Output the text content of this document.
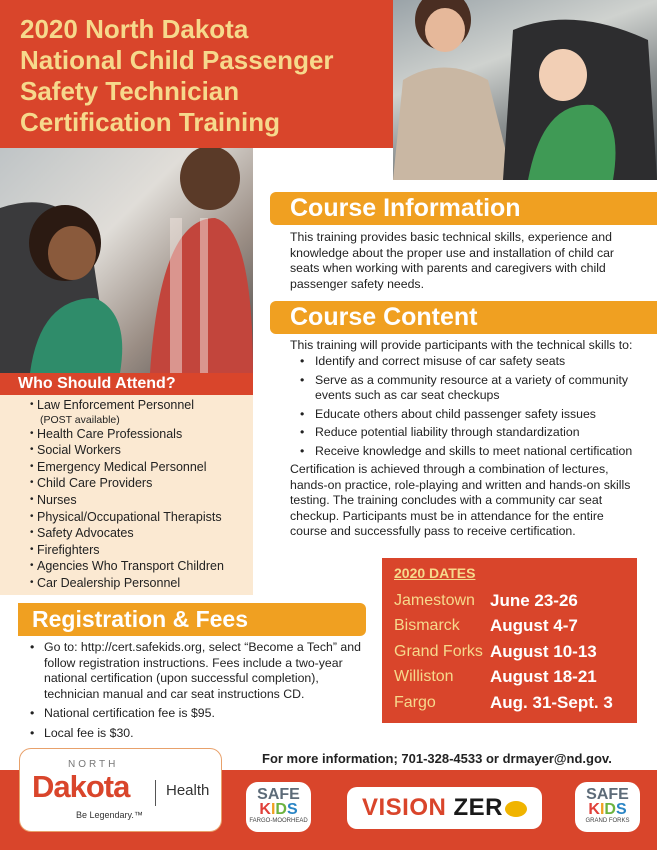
2020 North Dakota
National Child Passenger
Safety Technician
Certification Training
Course Information
This training provides basic technical skills, experience and knowledge about the proper use and installation of child car seats when working with parents and caregivers with child passenger safety needs.
Course Content
This training will provide participants with the technical skills to:
• Identify and correct misuse of car safety seats
• Serve as a community resource at a variety of community events such as car seat checkups
• Educate others about child passenger safety issues
• Reduce potential liability through standardization
• Receive knowledge and skills to meet national certification
Certification is achieved through a combination of lectures, hands-on practice, role-playing and written and hands-on skills testing. The training concludes with a community car seat checkup. Participants must be in attendance for the entire course and successfully pass to receive certification.
Who Should Attend?
• Law Enforcement Personnel
(POST available)
• Health Care Professionals
• Social Workers
• Emergency Medical Personnel
• Child Care Providers
• Nurses
• Physical/Occupational Therapists
• Safety Advocates
• Firefighters
• Agencies Who Transport Children
• Car Dealership Personnel
Registration & Fees
• Go to: http://cert.safekids.org, select “Become a Tech” and follow registration instructions. Fees include a two-year national certification (upon successful completion), technician manual and car seat instructions CD.
• National certification fee is $95.
• Local fee is $30.
2020 DATES
Jamestown June 23-26
Bismarck	August 4-7
Grand Forks August 10-13
Williston	August 18-21
Fargo	Aug. 31-Sept. 3
For more information; 701-328-4533 or drmayer@nd.gov.
NORTH
Dakota Health
Be Legendary.™
SAFE
KIDS
FARGO-MOORHEAD	VISION ZER	SAFE
KIDS
GRAND FORKS
